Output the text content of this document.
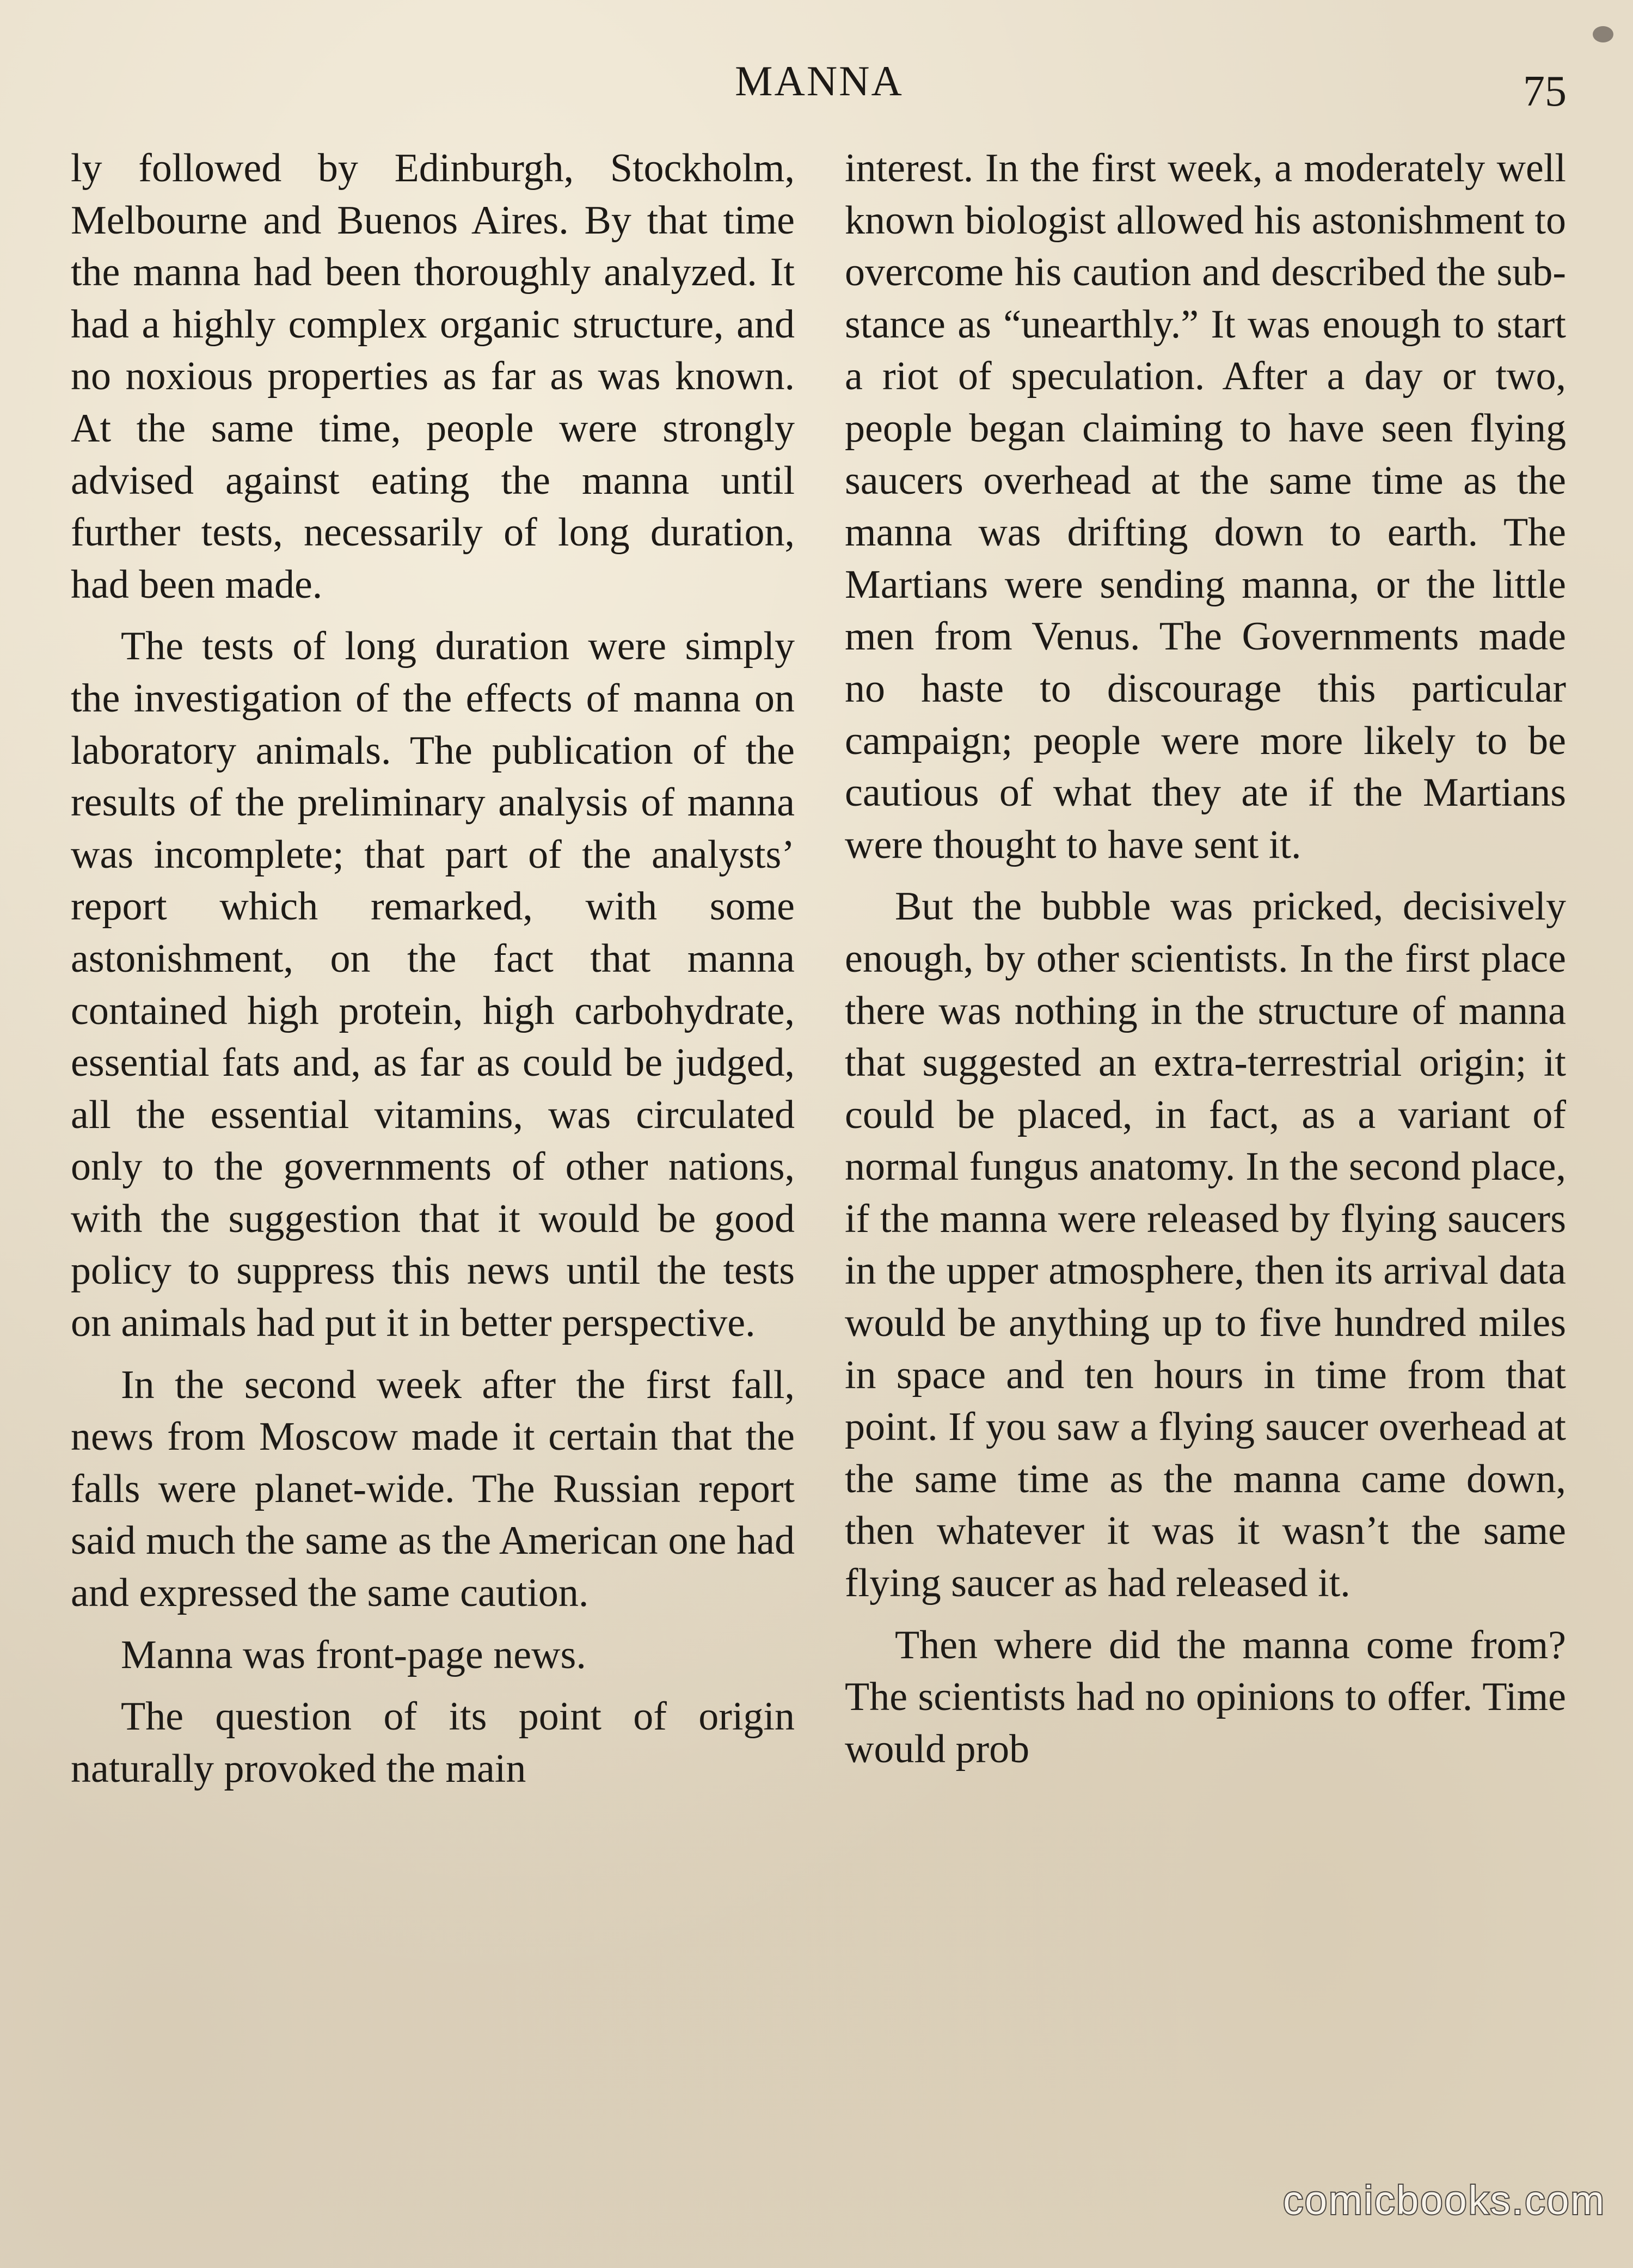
MANNA	75

ly followed by Edinburgh, Stockholm, Melbourne and Buenos Aires. By that time the manna had been thoroughly analyzed. It had a highly complex organic structure, and no noxious properties as far as was known. At the same time, people were strongly advised against eating the manna until further tests, necessarily of long duration, had been made.

The tests of long duration were simply the investigation of the effects of manna on laboratory animals. The publication of the results of the preliminary analysis of manna was incomplete; that part of the analysts’ report which remarked, with some astonishment, on the fact that manna contained high protein, high carbohydrate, essential fats and, as far as could be judged, all the essential vitamins, was circulated only to the governments of other nations, with the suggestion that it would be good policy to suppress this news until the tests on animals had put it in better perspective.

In the second week after the first fall, news from Moscow made it certain that the falls were planet-wide. The Russian report said much the same as the American one had and expressed the same caution.

Manna was front-page news.

The question of its point of origin naturally provoked the main

interest. In the first week, a moderately well known biologist allowed his astonishment to overcome his caution and described the substance as “unearthly.” It was enough to start a riot of speculation. After a day or two, people began claiming to have seen flying saucers overhead at the same time as the manna was drifting down to earth. The Martians were sending manna, or the little men from Venus. The Governments made no haste to discourage this particular campaign; people were more likely to be cautious of what they ate if the Martians were thought to have sent it.

But the bubble was pricked, decisively enough, by other scientists. In the first place there was nothing in the structure of manna that suggested an extra-terrestrial origin; it could be placed, in fact, as a variant of normal fungus anatomy. In the second place, if the manna were released by flying saucers in the upper atmosphere, then its arrival data would be anything up to five hundred miles in space and ten hours in time from that point. If you saw a flying saucer overhead at the same time as the manna came down, then whatever it was it wasn’t the same flying saucer as had released it.

Then where did the manna come from? The scientists had no opinions to offer. Time would prob

comicbooks.com
